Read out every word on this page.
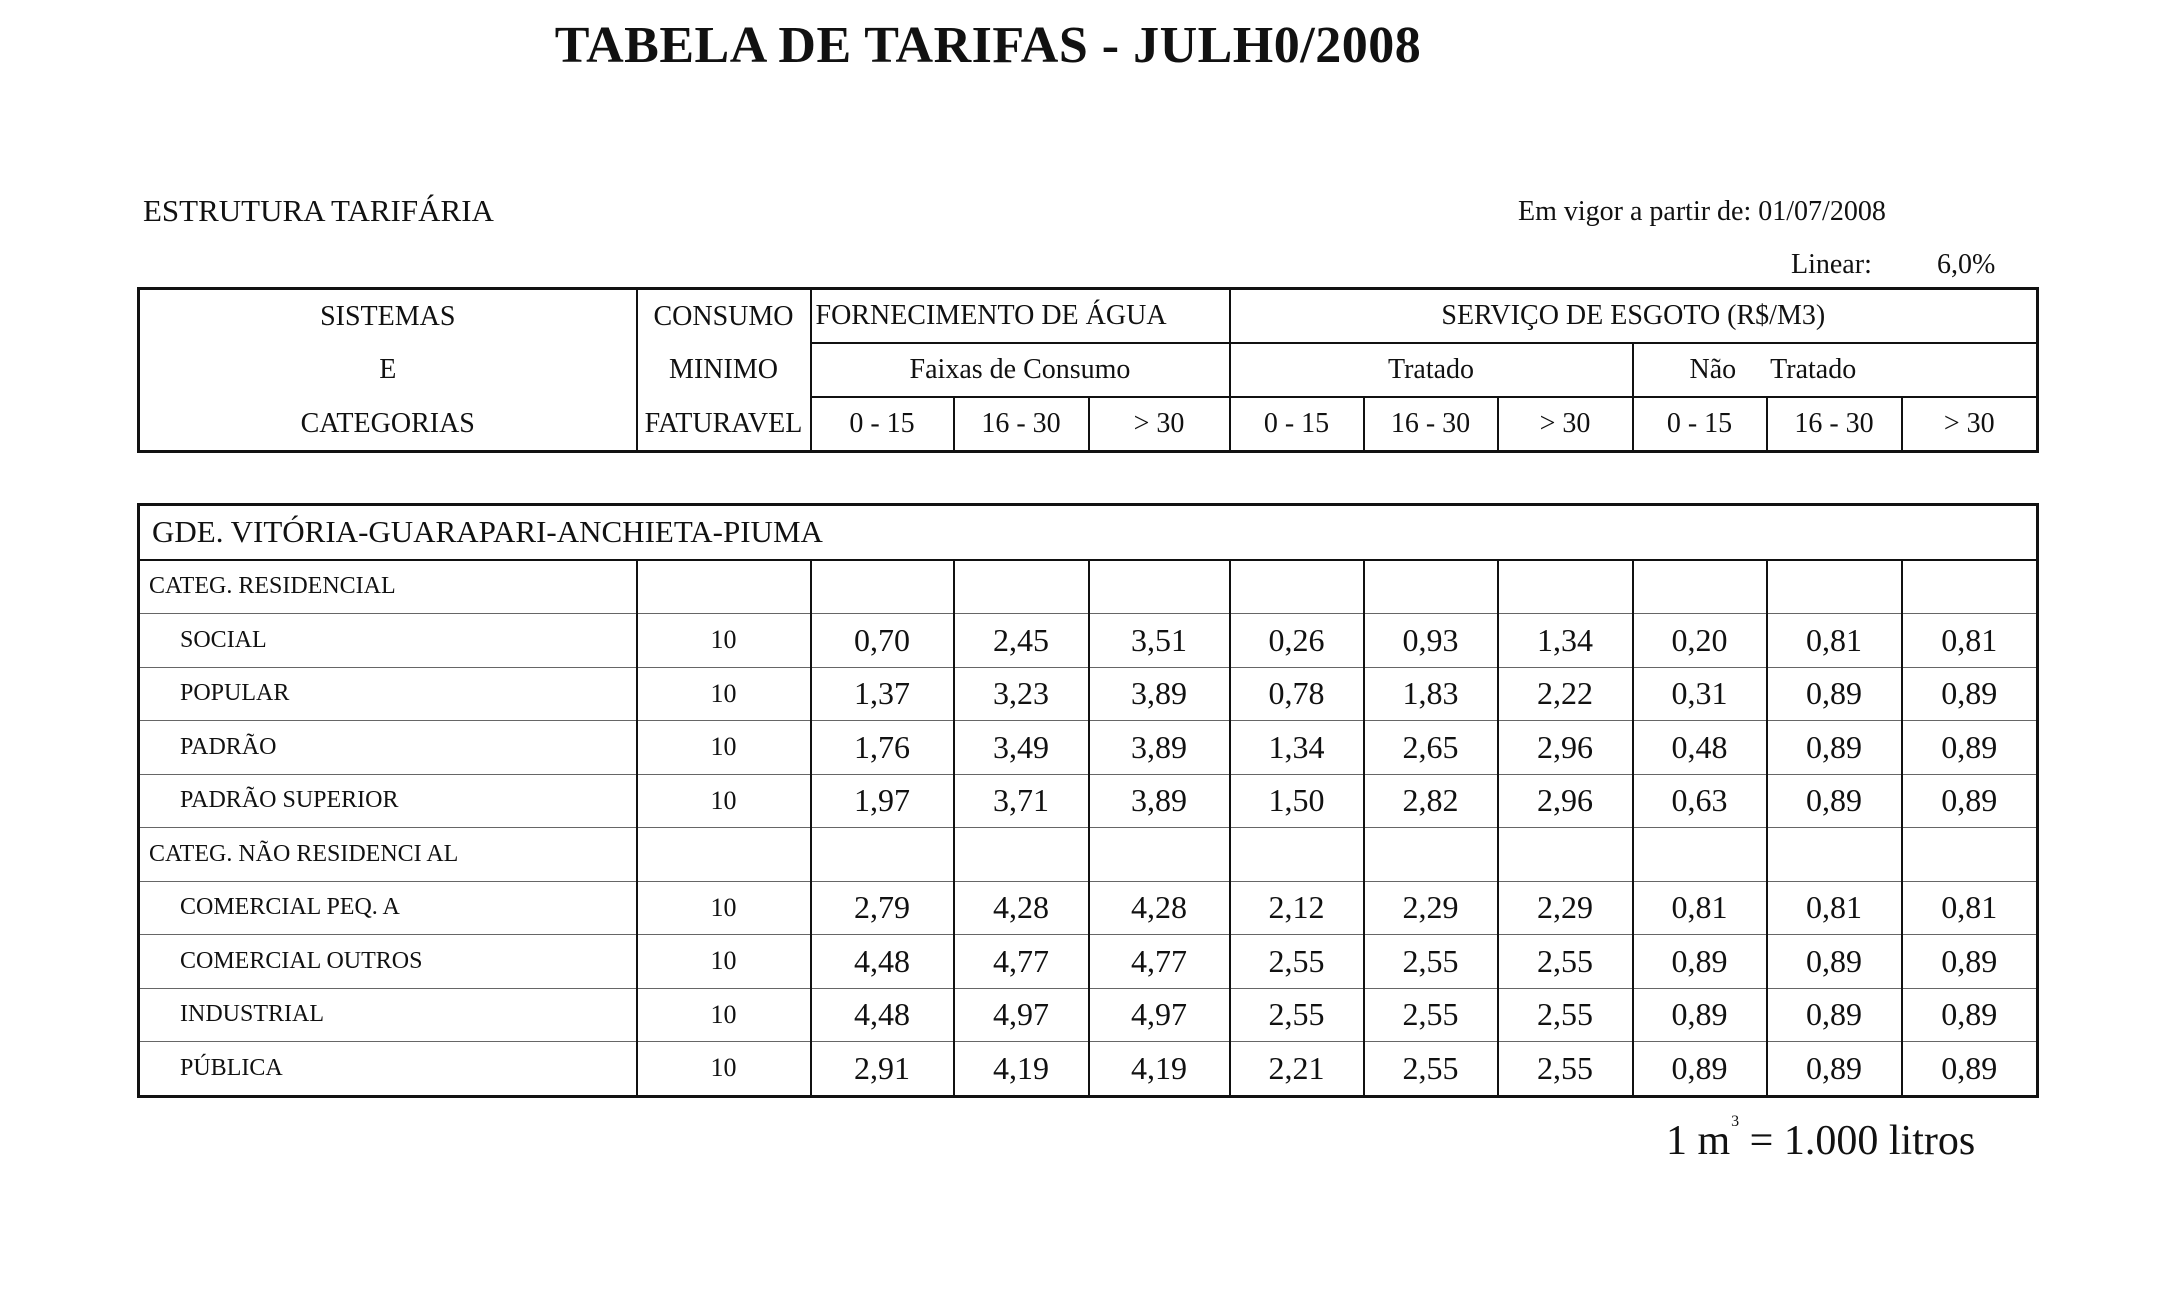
TABELA DE TARIFAS - JULH0/2008
ESTRUTURA TARIFÁRIA	Em vigor a partir de: 01/07/2008
Linear: 6,0%
SISTEMAS	CONSUMO	FORNECIMENTO DE ÁGUA			SERVIÇO DE ESGOTO (R$/M3)					
E	MINIMO	Faixas de Consumo			Tratado			Não Tratado		
CATEGORIAS	FATURAVEL	0 - 15	16 - 30	> 30	0 - 15	16 - 30	> 30	0 - 15	16 - 30	> 30
GDE. VITÓRIA-GUARAPARI-ANCHIETA-PIUMA										
CATEG. RESIDENCIAL										
SOCIAL	10	0,70	2,45	3,51	0,26	0,93	1,34	0,20	0,81	0,81
POPULAR	10	1,37	3,23	3,89	0,78	1,83	2,22	0,31	0,89	0,89
PADRÃO	10	1,76	3,49	3,89	1,34	2,65	2,96	0,48	0,89	0,89
PADRÃO SUPERIOR	10	1,97	3,71	3,89	1,50	2,82	2,96	0,63	0,89	0,89
CATEG. NÃO RESIDENCI AL										
COMERCIAL PEQ. A	10	2,79	4,28	4,28	2,12	2,29	2,29	0,81	0,81	0,81
COMERCIAL OUTROS	10	4,48	4,77	4,77	2,55	2,55	2,55	0,89	0,89	0,89
INDUSTRIAL	10	4,48	4,97	4,97	2,55	2,55	2,55	0,89	0,89	0,89
PÚBLICA	10	2,91	4,19	4,19	2,21	2,55	2,55	0,89	0,89	0,89
1 $m^3 = 1.000$ litros
